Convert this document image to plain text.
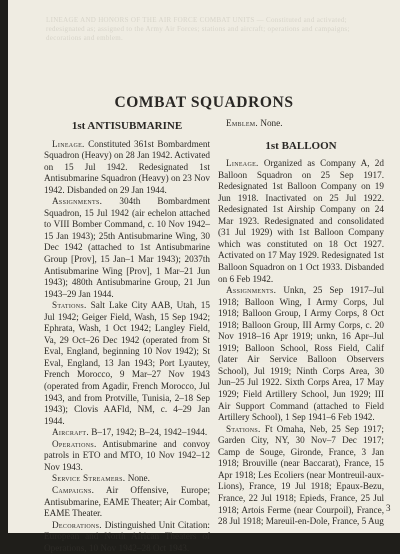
LINEAGE AND HONORS OF THE AIR FORCE COMBAT UNITS — Constituted and activated; redesignated as; assigned to the Army Air Forces; stations and aircraft; operations and campaigns; decorations and emblem.
COMBAT SQUADRONS
1st ANTISUBMARINE

Lineage. Constituted 361st Bombardment Squadron (Heavy) on 28 Jan 1942. Activated on 15 Jul 1942. Redesignated 1st Antisubmarine Squadron (Heavy) on 23 Nov 1942. Disbanded on 29 Jan 1944.

Assignments. 304th Bombardment Squadron, 15 Jul 1942 (air echelon attached to VIII Bomber Command, c. 10 Nov 1942–15 Jan 1943); 25th Antisubmarine Wing, 30 Dec 1942 (attached to 1st Antisubmarine Group [Prov], 15 Jan–1 Mar 1943); 2037th Antisubmarine Wing [Prov], 1 Mar–21 Jun 1943); 480th Antisubmarine Group, 21 Jun 1943–29 Jan 1944.

Stations. Salt Lake City AAB, Utah, 15 Jul 1942; Geiger Field, Wash, 15 Sep 1942; Ephrata, Wash, 1 Oct 1942; Langley Field, Va, 29 Oct–26 Dec 1942 (operated from St Eval, England, beginning 10 Nov 1942); St Eval, England, 13 Jan 1943; Port Lyautey, French Morocco, 9 Mar–27 Nov 1943 (operated from Agadir, French Morocco, Jul 1943, and from Protville, Tunisia, 2–18 Sep 1943); Clovis AAFld, NM, c. 4–29 Jan 1944.

Aircraft. B–17, 1942; B–24, 1942–1944.

Operations. Antisubmarine and convoy patrols in ETO and MTO, 10 Nov 1942–12 Nov 1943.

Service Streamers. None.

Campaigns. Air Offensive, Europe; Antisubmarine, EAME Theater; Air Combat, EAME Theater.

Decorations. Distinguished Unit Citation: European and North African Theaters of Operations, 10 Nov 1942–28 Oct 1943.

Emblem. None.

1st BALLOON

Lineage. Organized as Company A, 2d Balloon Squadron on 25 Sep 1917. Redesignated 1st Balloon Company on 19 Jun 1918. Inactivated on 25 Jul 1922. Redesignated 1st Airship Company on 24 Mar 1923. Redesignated and consolidated (31 Jul 1929) with 1st Balloon Company which was constituted on 18 Oct 1927. Activated on 17 May 1929. Redesignated 1st Balloon Squadron on 1 Oct 1933. Disbanded on 6 Feb 1942.

Assignments. Unkn, 25 Sep 1917–Jul 1918; Balloon Wing, I Army Corps, Jul 1918; Balloon Group, I Army Corps, 8 Oct 1918; Balloon Group, III Army Corps, c. 20 Nov 1918–16 Apr 1919; unkn, 16 Apr–Jul 1919; Balloon School, Ross Field, Calif (later Air Service Balloon Observers School), Jul 1919; Ninth Corps Area, 30 Jun–25 Jul 1922. Sixth Corps Area, 17 May 1929; Field Artillery School, Jun 1929; III Air Support Command (attached to Field Artillery School), 1 Sep 1941–6 Feb 1942.

Stations. Ft Omaha, Neb, 25 Sep 1917; Garden City, NY, 30 Nov–7 Dec 1917; Camp de Souge, Gironde, France, 3 Jan 1918; Brouville (near Baccarat), France, 15 Apr 1918; Les Ecoliers (near Montreuil-aux-Lions), France, 19 Jul 1918; Epaux-Bezu, France, 22 Jul 1918; Epieds, France, 25 Jul 1918; Artois Ferme (near Courpoil), France, 28 Jul 1918; Mareuil-en-Dole, France, 5 Aug

3
